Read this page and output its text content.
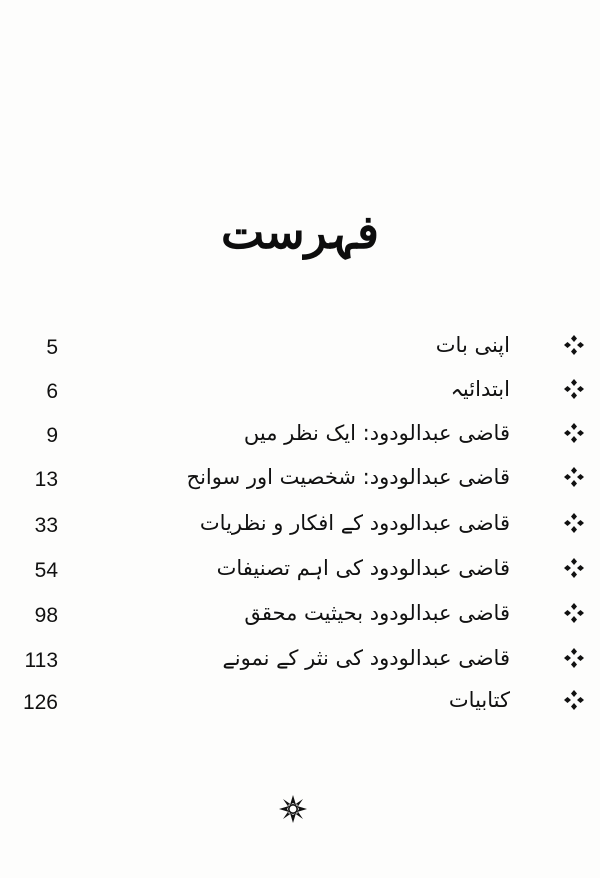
فہرست
5	اپنی بات
6	ابتدائیہ
9	قاضی عبدالودود: ایک نظر میں
13	قاضی عبدالودود: شخصیت اور سوانح
33	قاضی عبدالودود کے افکار و نظریات
54	قاضی عبدالودود کی اہم تصنیفات
98	قاضی عبدالودود بحیثیت محقق
113	قاضی عبدالودود کی نثر کے نمونے
126	کتابیات
